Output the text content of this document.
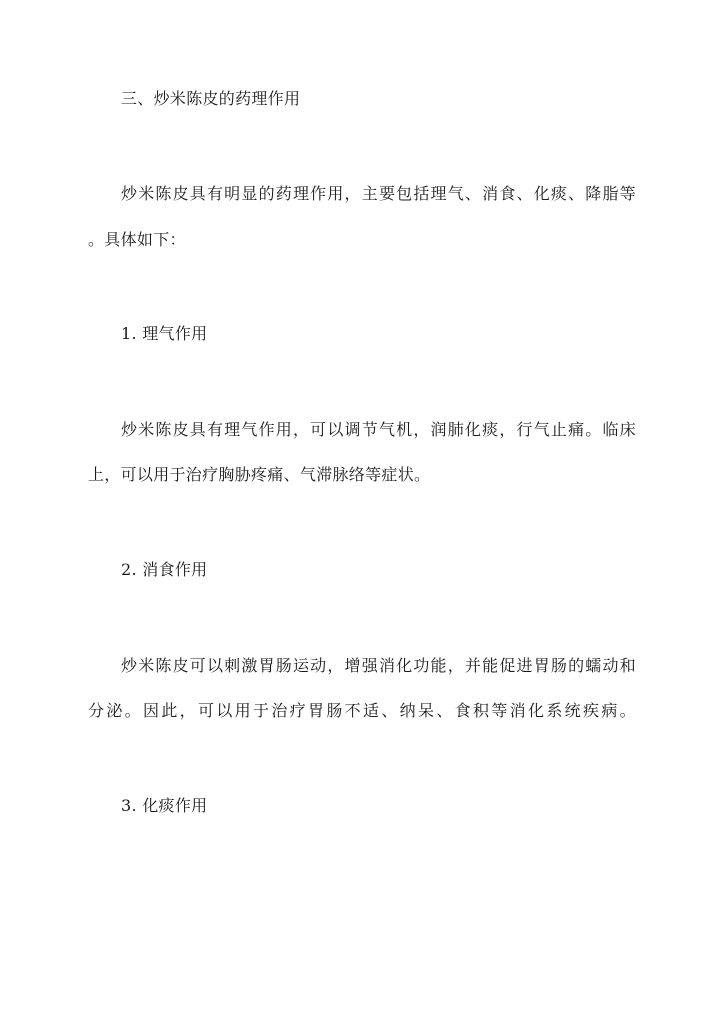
三、炒米陈皮的药理作用
炒米陈皮具有明显的药理作用，主要包括理气、消食、化痰、降脂等
。具体如下：
1. 理气作用
炒米陈皮具有理气作用，可以调节气机，润肺化痰，行气止痛。临床
上，可以用于治疗胸胁疼痛、气滞脉络等症状。
2. 消食作用
炒米陈皮可以刺激胃肠运动，增强消化功能，并能促进胃肠的蠕动和
分泌。因此，可以用于治疗胃肠不适、纳呆、食积等消化系统疾病。
3. 化痰作用
